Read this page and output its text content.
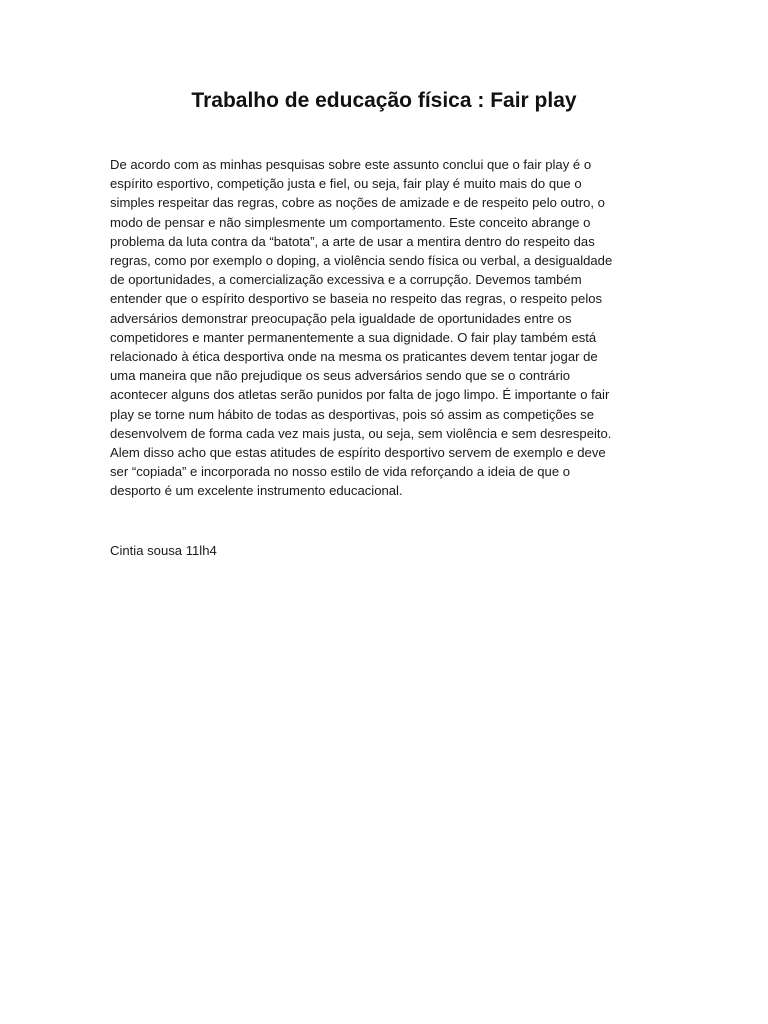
Trabalho de educação física : Fair play

De acordo com as minhas pesquisas sobre este assunto conclui que o fair play é o
espírito esportivo, competição justa e fiel, ou seja, fair play é muito mais do que o
simples respeitar das regras, cobre as noções de amizade e de respeito pelo outro, o
modo de pensar e não simplesmente um comportamento. Este conceito abrange o
problema da luta contra da “batota”, a arte de usar a mentira dentro do respeito das
regras, como por exemplo o doping, a violência sendo física ou verbal, a desigualdade
de oportunidades, a comercialização excessiva e a corrupção. Devemos também
entender que o espírito desportivo se baseia no respeito das regras, o respeito pelos
adversários demonstrar preocupação pela igualdade de oportunidades entre os
competidores e manter permanentemente a sua dignidade. O fair play também está
relacionado à ética desportiva onde na mesma os praticantes devem tentar jogar de
uma maneira que não prejudique os seus adversários sendo que se o contrário
acontecer alguns dos atletas serão punidos por falta de jogo limpo. É importante o fair
play se torne num hábito de todas as desportivas, pois só assim as competições se
desenvolvem de forma cada vez mais justa, ou seja, sem violência e sem desrespeito.
Alem disso acho que estas atitudes de espírito desportivo servem de exemplo e deve
ser “copiada” e incorporada no nosso estilo de vida reforçando a ideia de que o
desporto é um excelente instrumento educacional.

Cintia sousa 11lh4
